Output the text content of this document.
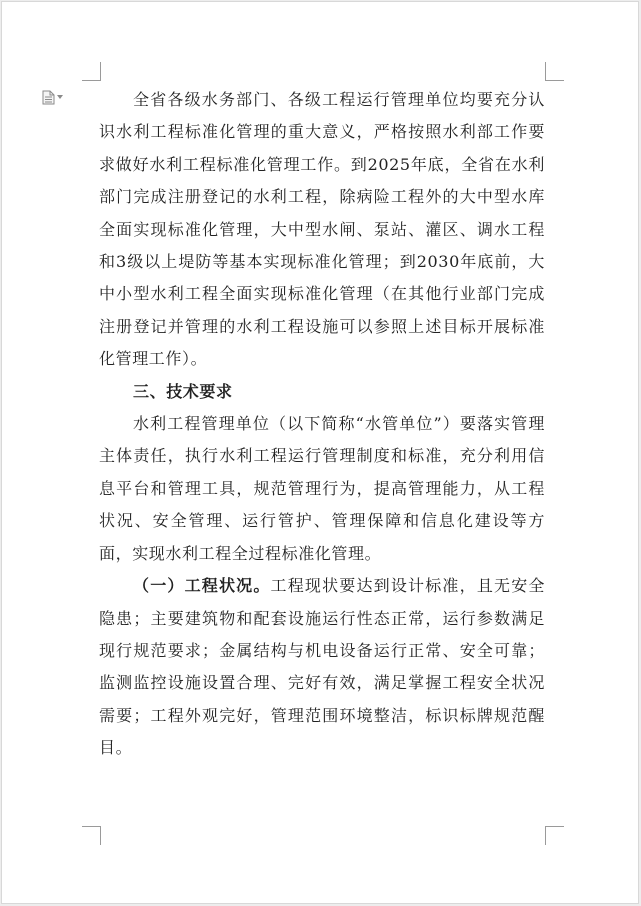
全省各级水务部门、各级工程运行管理单位均要充分认识水利工程标准化管理的重大意义，严格按照水利部工作要求做好水利工程标准化管理工作。到2025年底，全省在水利部门完成注册登记的水利工程，除病险工程外的大中型水库全面实现标准化管理，大中型水闸、泵站、灌区、调水工程和3级以上堤防等基本实现标准化管理；到2030年底前，大中小型水利工程全面实现标准化管理（在其他行业部门完成注册登记并管理的水利工程设施可以参照上述目标开展标准化管理工作）。

三、技术要求

水利工程管理单位（以下简称“水管单位”）要落实管理主体责任，执行水利工程运行管理制度和标准，充分利用信息平台和管理工具，规范管理行为，提高管理能力，从工程状况、安全管理、运行管护、管理保障和信息化建设等方面，实现水利工程全过程标准化管理。

（一）工程状况。工程现状要达到设计标准，且无安全隐患；主要建筑物和配套设施运行性态正常，运行参数满足现行规范要求；金属结构与机电设备运行正常、安全可靠；监测监控设施设置合理、完好有效，满足掌握工程安全状况需要；工程外观完好，管理范围环境整洁，标识标牌规范醒目。
